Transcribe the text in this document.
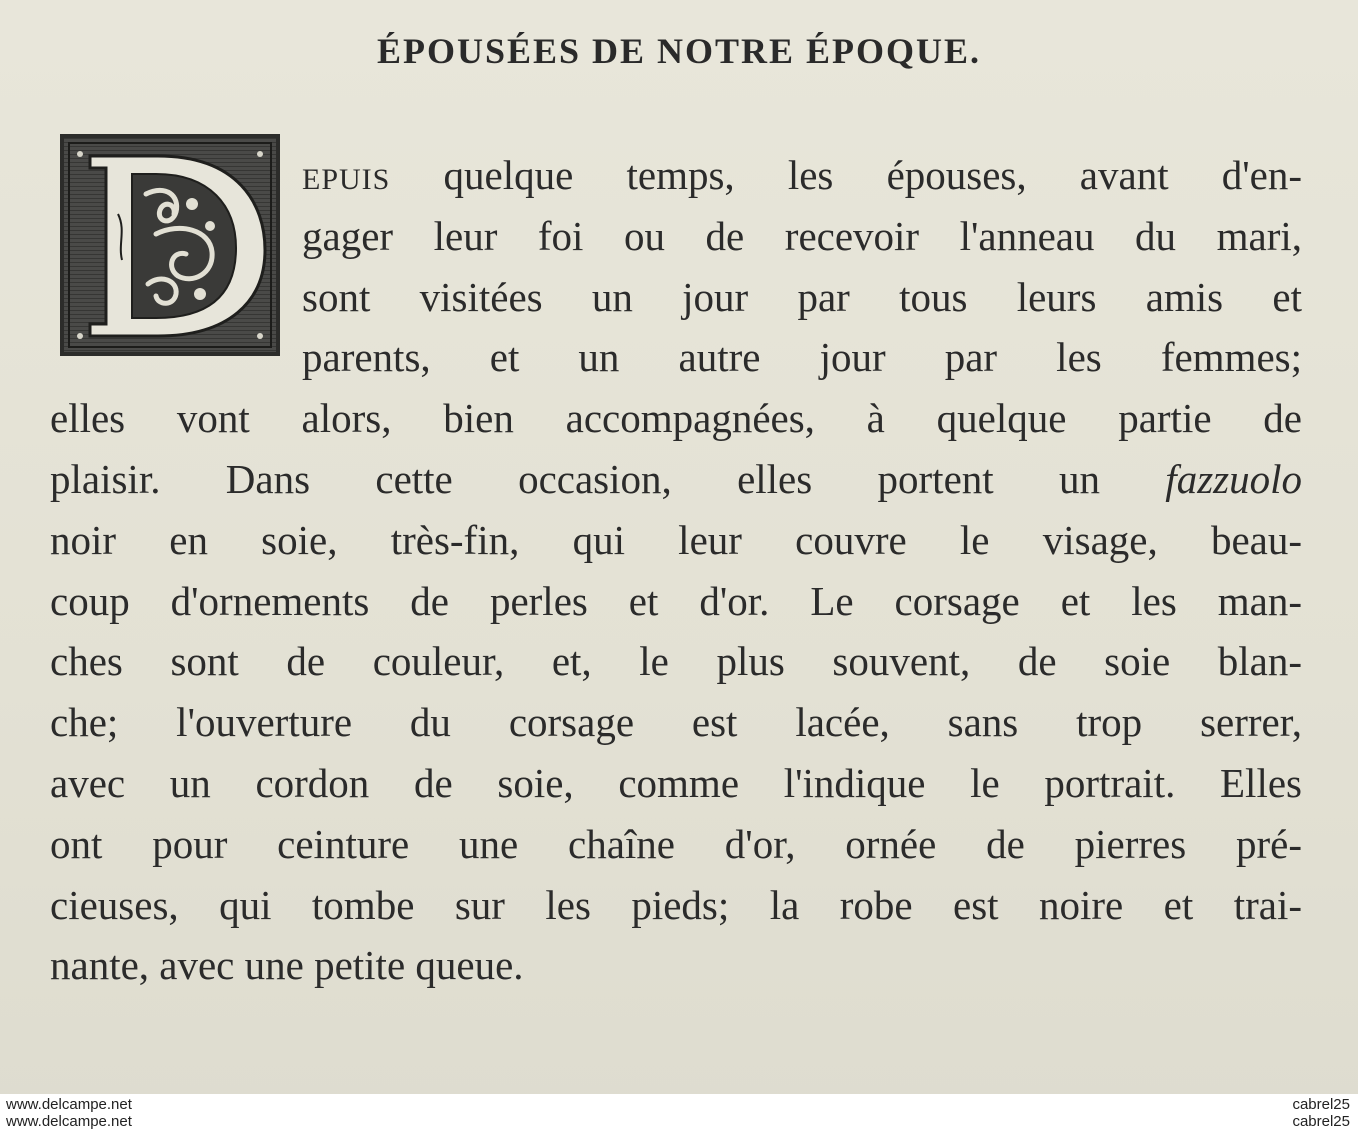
ÉPOUSÉES DE NOTRE ÉPOQUE.
EPUIS quelque temps, les épouses, avant d'en-
gager leur foi ou de recevoir l'anneau du mari,
sont visitées un jour par tous leurs amis et
parents, et un autre jour par les femmes;
elles vont alors, bien accompagnées, à quelque partie de
plaisir. Dans cette occasion, elles portent un fazzuolo
noir en soie, très-fin, qui leur couvre le visage, beau-
coup d'ornements de perles et d'or. Le corsage et les man-
ches sont de couleur, et, le plus souvent, de soie blan-
che; l'ouverture du corsage est lacée, sans trop serrer,
avec un cordon de soie, comme l'indique le portrait. Elles
ont pour ceinture une chaîne d'or, ornée de pierres pré-
cieuses, qui tombe sur les pieds; la robe est noire et trai-
nante, avec une petite queue.
www.delcampe.net
www.delcampe.net
cabrel25
cabrel25
